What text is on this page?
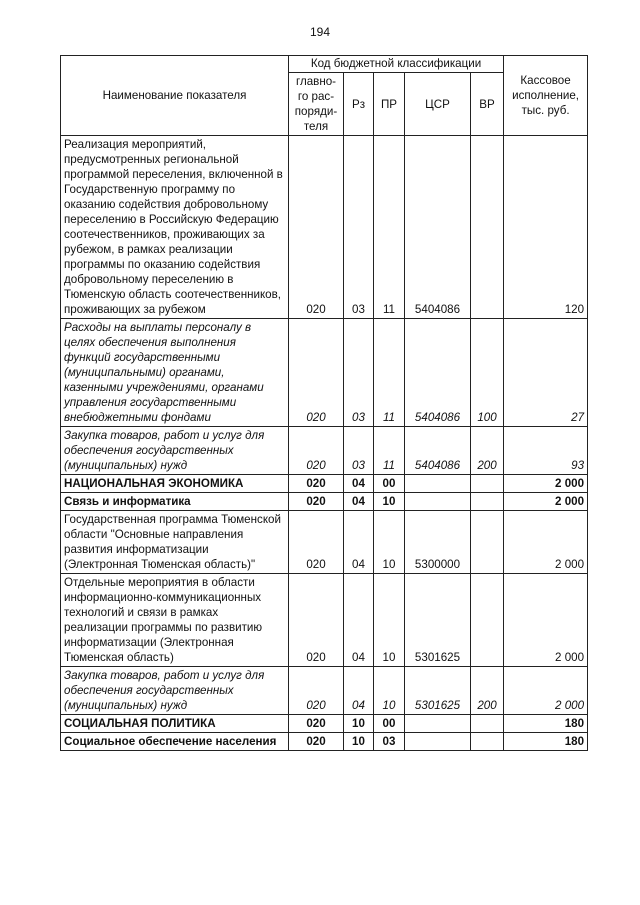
194
Наименование показателя	Код бюджетной классификации					Кассовое исполнение, тыс. руб.
	главно-го рас-поряди-теля	Рз	ПР	ЦСР	ВР	
Реализация мероприятий, предусмотренных региональной программой переселения, включенной в Государственную программу по оказанию содействия добровольному переселению в Российскую Федерацию соотечественников, проживающих за рубежом, в рамках реализации программы по оказанию содействия добровольному переселению в Тюменскую область соотечественников, проживающих за рубежом	020	03	11	5404086		120
Расходы на выплаты персоналу в целях обеспечения выполнения функций государственными (муниципальными) органами, казенными учреждениями, органами управления государственными внебюджетными фондами	020	03	11	5404086	100	27
Закупка товаров, работ и услуг для обеспечения государственных (муниципальных) нужд	020	03	11	5404086	200	93
НАЦИОНАЛЬНАЯ ЭКОНОМИКА	020	04	00			2 000
Связь и информатика	020	04	10			2 000
Государственная программа Тюменской области "Основные направления развития информатизации (Электронная Тюменская область)"	020	04	10	5300000		2 000
Отдельные мероприятия в области информационно-коммуникационных технологий и связи в рамках реализации программы по развитию информатизации (Электронная Тюменская область)	020	04	10	5301625		2 000
Закупка товаров, работ и услуг для обеспечения государственных (муниципальных) нужд	020	04	10	5301625	200	2 000
СОЦИАЛЬНАЯ ПОЛИТИКА	020	10	00			180
Социальное обеспечение населения	020	10	03			180
